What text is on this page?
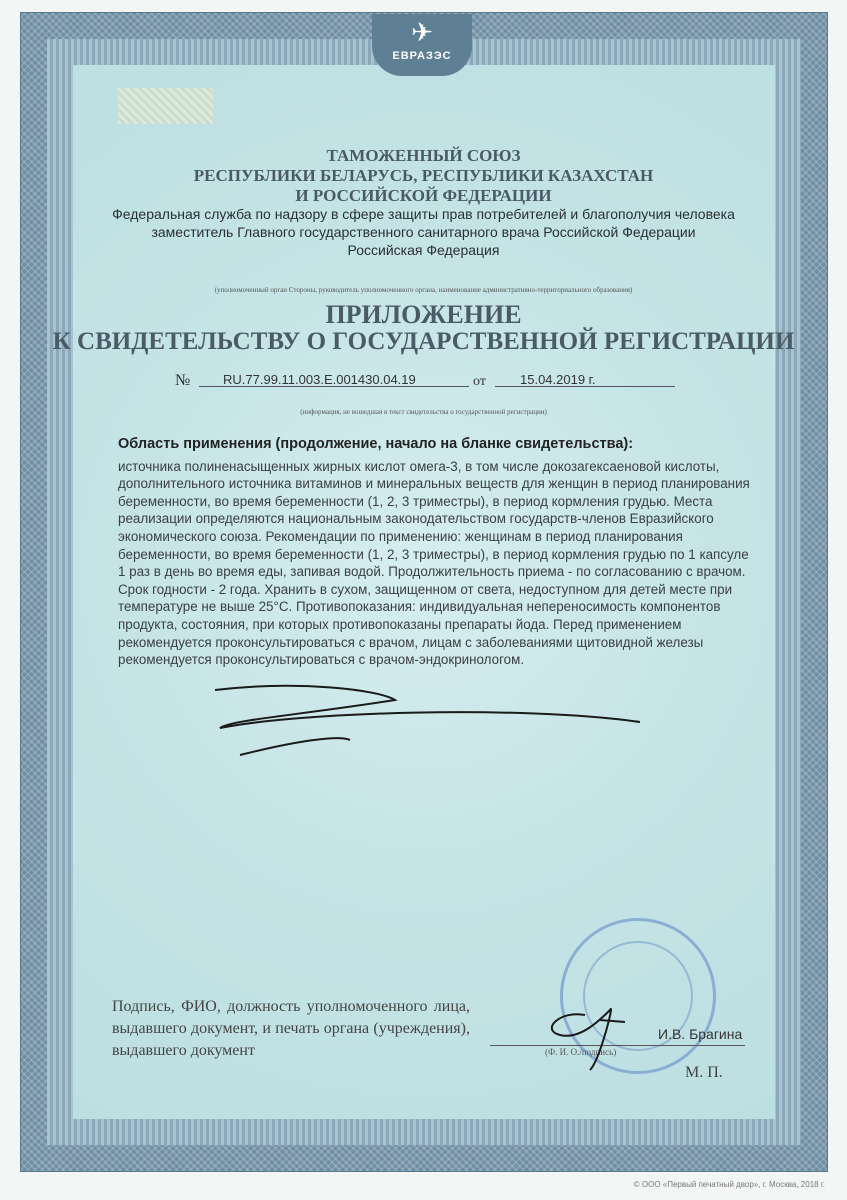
✈
ЕВРАЗЭС
ТАМОЖЕННЫЙ СОЮЗ
РЕСПУБЛИКИ БЕЛАРУСЬ, РЕСПУБЛИКИ КАЗАХСТАН
И РОССИЙСКОЙ ФЕДЕРАЦИИ
Федеральная служба по надзору в сфере защиты прав потребителей и благополучия человека
заместитель Главного государственного санитарного врача Российской Федерации
Российская Федерация
(уполномоченный орган Стороны, руководитель уполномоченного органа, наименование административно-территориального образования)
ПРИЛОЖЕНИЕ
К СВИДЕТЕЛЬСТВУ О ГОСУДАРСТВЕННОЙ РЕГИСТРАЦИИ
№	RU.77.99.11.003.E.001430.04.19	от	15.04.2019 г.
(информация, не вошедшая в текст свидетельства о государственной регистрации)
Область применения (продолжение, начало на бланке свидетельства):
источника полиненасыщенных жирных кислот омега-3, в том числе докозагексаеновой кислоты, дополнительного источника витаминов и минеральных веществ для женщин в период планирования беременности, во время беременности (1, 2, 3 триместры), в период кормления грудью. Места реализации определяются национальным законодательством государств-членов Евразийского экономического союза. Рекомендации по применению: женщинам в период планирования беременности, во время беременности (1, 2, 3 триместры), в период кормления грудью по 1 капсуле 1 раз в день во время еды, запивая водой. Продолжительность приема - по согласованию с врачом. Срок годности - 2 года. Хранить в сухом, защищенном от света, недоступном для детей месте при температуре не выше 25°С. Противопоказания: индивидуальная непереносимость компонентов продукта, состояния, при которых противопоказаны препараты йода. Перед применением рекомендуется проконсультироваться с врачом, лицам с заболеваниями щитовидной железы рекомендуется проконсультироваться с врачом-эндокринологом.
Подпись, ФИО, должность уполномоченного лица, выдавшего документ, и печать органа (учреждения), выдавшего документ
И.В. Брагина
(Ф. И. О./подпись)
М. П.
© ООО «Первый печатный двор», г. Москва, 2018 г.
